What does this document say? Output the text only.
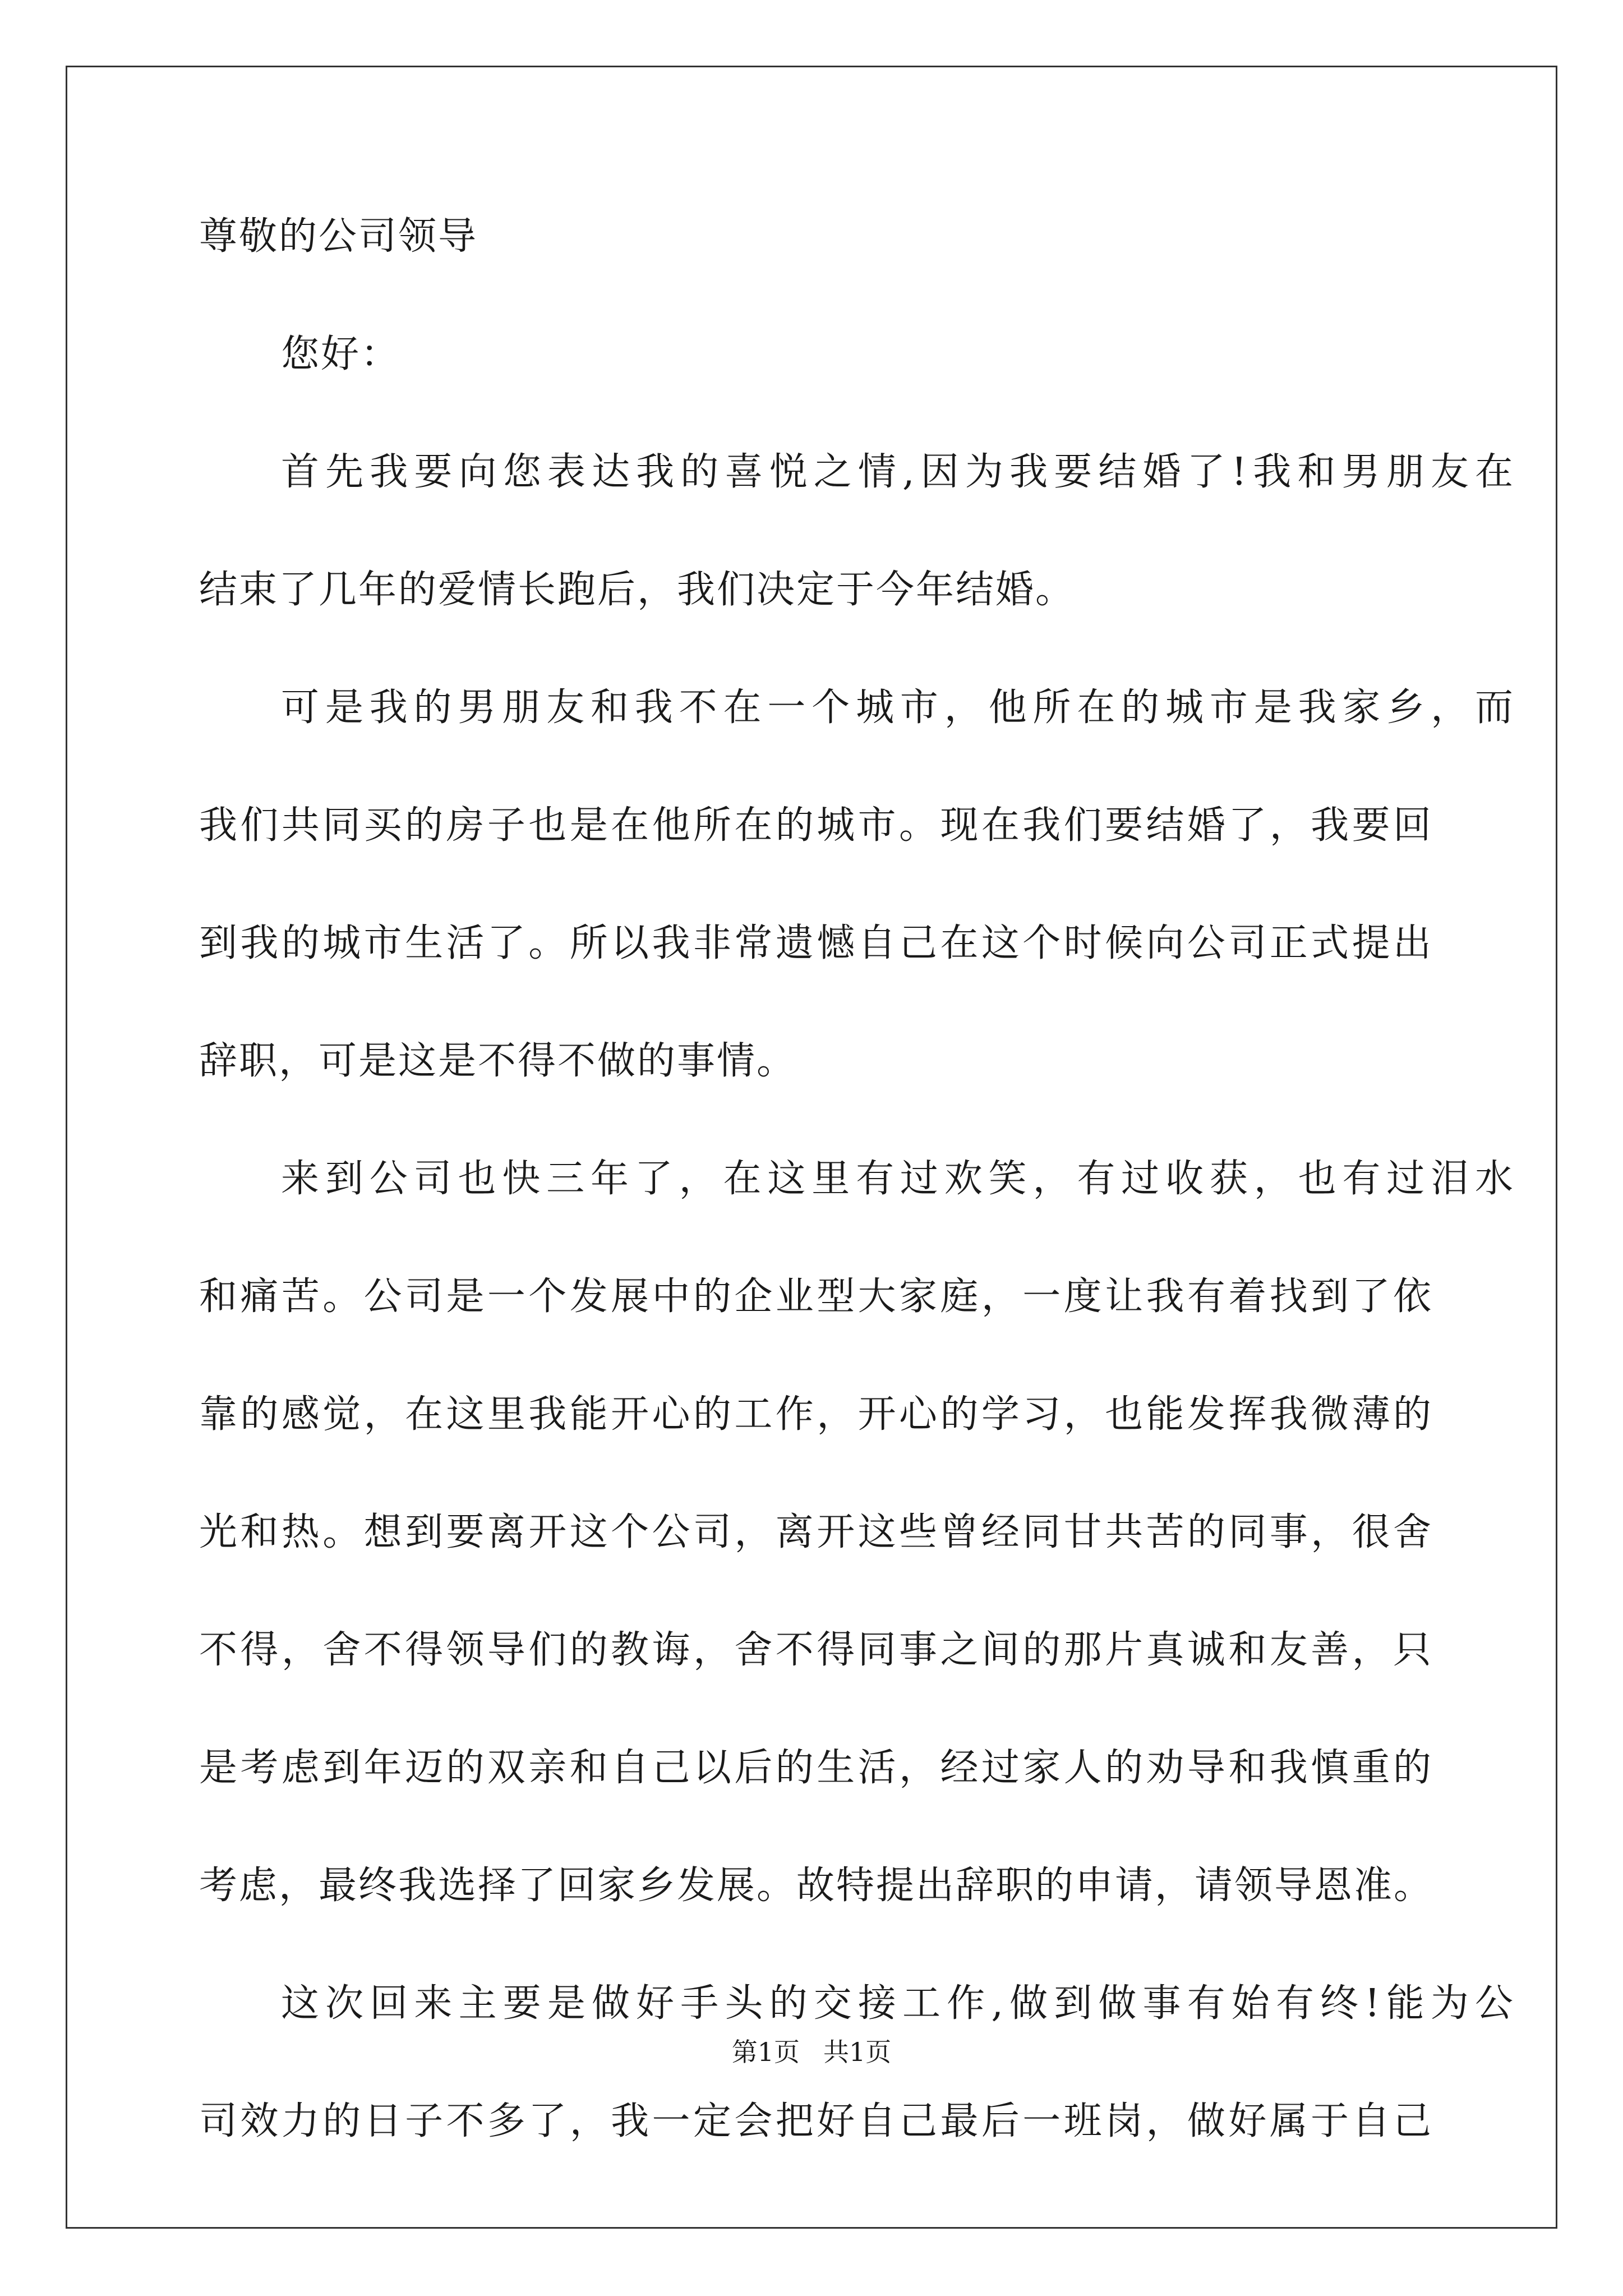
尊敬的公司领导

您好：

首先我要向您表达我的喜悦之情,因为我要结婚了!我和男朋友在

结束了几年的爱情长跑后，我们决定于今年结婚。

可是我的男朋友和我不在一个城市，他所在的城市是我家乡，而

我们共同买的房子也是在他所在的城市。现在我们要结婚了，我要回

到我的城市生活了。所以我非常遗憾自己在这个时候向公司正式提出

辞职，可是这是不得不做的事情。

来到公司也快三年了，在这里有过欢笑，有过收获，也有过泪水

和痛苦。公司是一个发展中的企业型大家庭，一度让我有着找到了依

靠的感觉，在这里我能开心的工作，开心的学习，也能发挥我微薄的

光和热。想到要离开这个公司，离开这些曾经同甘共苦的同事，很舍

不得，舍不得领导们的教诲，舍不得同事之间的那片真诚和友善，只

是考虑到年迈的双亲和自己以后的生活，经过家人的劝导和我慎重的

考虑，最终我选择了回家乡发展。故特提出辞职的申请，请领导恩准。

这次回来主要是做好手头的交接工作,做到做事有始有终!能为公

司效力的日子不多了，我一定会把好自己最后一班岗，做好属于自己

第1页 共1页
